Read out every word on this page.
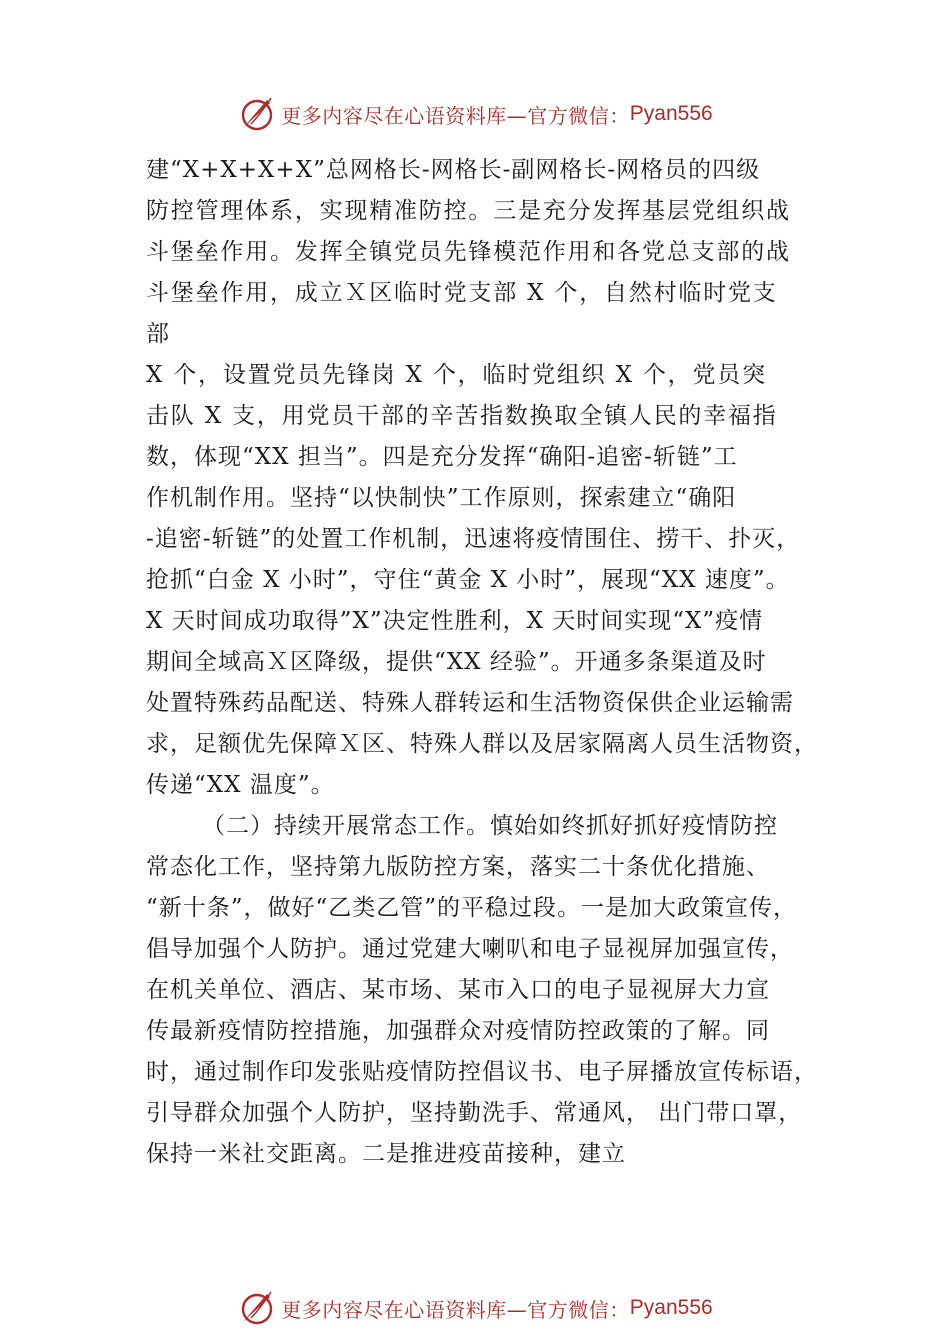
更多内容尽在心语资料库—官方微信： Pyan556
建“X+X+X+X”总网格长-网格长-副网格长-网格员的四级
防控管理体系，实现精准防控。三是充分发挥基层党组织战
斗堡垒作用。发挥全镇党员先锋模范作用和各党总支部的战
斗堡垒作用，成立Ｘ区临时党支部 X 个，自然村临时党支
部
X 个，设置党员先锋岗 X 个，临时党组织 X 个，党员突
击队 X 支，用党员干部的辛苦指数换取全镇人民的幸福指
数，体现“XX 担当”。四是充分发挥“确阳-追密-斩链”工
作机制作用。坚持“以快制快”工作原则，探索建立“确阳
-追密-斩链”的处置工作机制，迅速将疫情围住、捞干、扑灭，
抢抓“白金 X 小时”，守住“黄金 X 小时”，展现“XX 速度”。
X 天时间成功取得”X”决定性胜利，X 天时间实现“X”疫情
期间全域高Ｘ区降级，提供“XX 经验”。开通多条渠道及时
处置特殊药品配送、特殊人群转运和生活物资保供企业运输需
求，足额优先保障Ｘ区、特殊人群以及居家隔离人员生活物资，
传递“XX 温度”。
（二）持续开展常态工作。慎始如终抓好抓好疫情防控
常态化工作，坚持第九版防控方案，落实二十条优化措施、
“新十条”，做好“乙类乙管”的平稳过段。一是加大政策宣传，
倡导加强个人防护。通过党建大喇叭和电子显视屏加强宣传，
在机关单位、酒店、某市场、某市入口的电子显视屏大力宣
传最新疫情防控措施，加强群众对疫情防控政策的了解。同
时，通过制作印发张贴疫情防控倡议书、电子屏播放宣传标语，
引导群众加强个人防护，坚持勤洗手、常通风， 出门带口罩，
保持一米社交距离。二是推进疫苗接种，建立
更多内容尽在心语资料库—官方微信： Pyan556
